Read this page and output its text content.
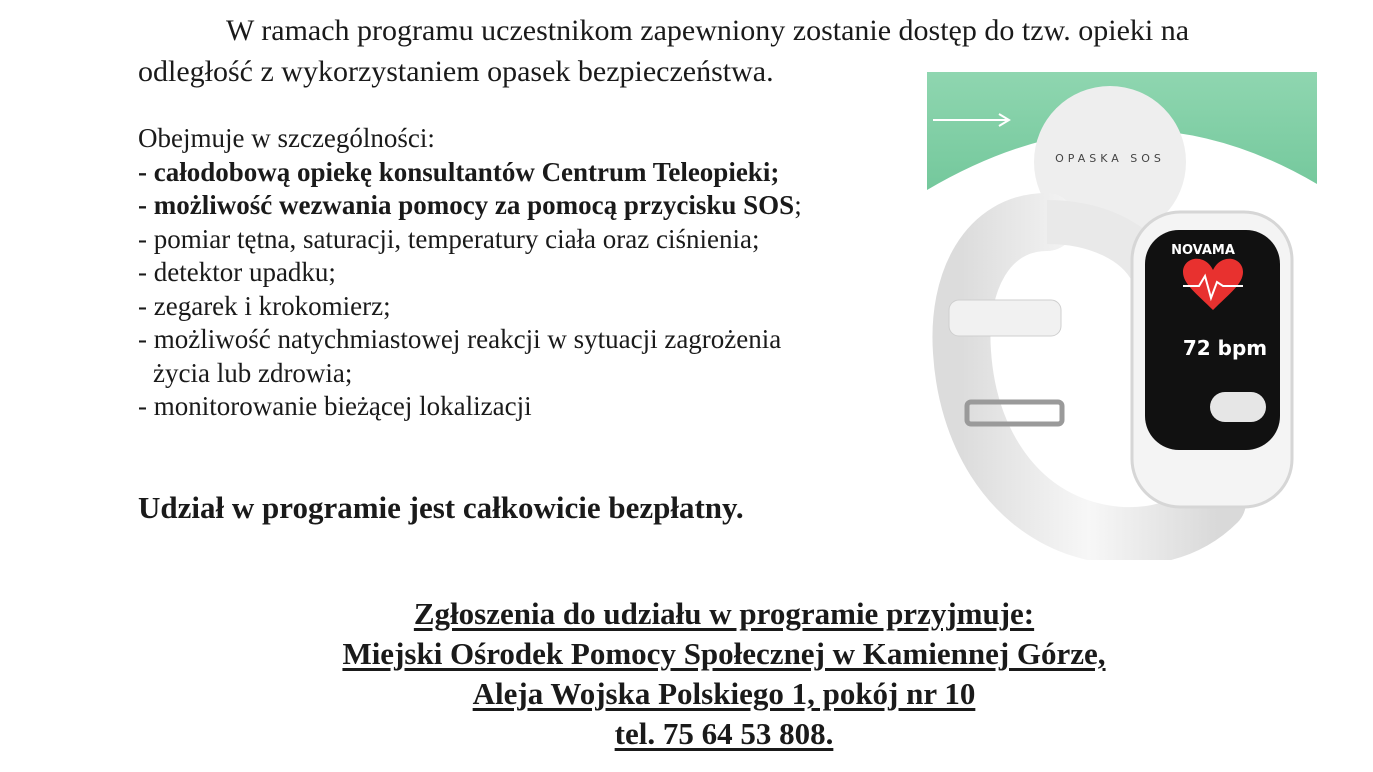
W ramach programu uczestnikom zapewniony zostanie dostęp do tzw. opieki na
odległość z wykorzystaniem opasek bezpieczeństwa.
Obejmuje w szczególności:
- całodobową opiekę konsultantów Centrum Teleopieki;
- możliwość wezwania pomocy za pomocą przycisku SOS;
- pomiar tętna, saturacji, temperatury ciała oraz ciśnienia;
- detektor upadku;
- zegarek i krokomierz;
- możliwość natychmiastowej reakcji w sytuacji zagrożenia
życia lub zdrowia;
- monitorowanie bieżącej lokalizacji
Udział w programie jest całkowicie bezpłatny.
Zgłoszenia do udziału w programie przyjmuje:
Miejski Ośrodek Pomocy Społecznej w Kamiennej Górze,
Aleja Wojska Polskiego 1, pokój nr 10
tel. 75 64 53 808.
OPASKA SOS
NOVAMA
72 bpm
